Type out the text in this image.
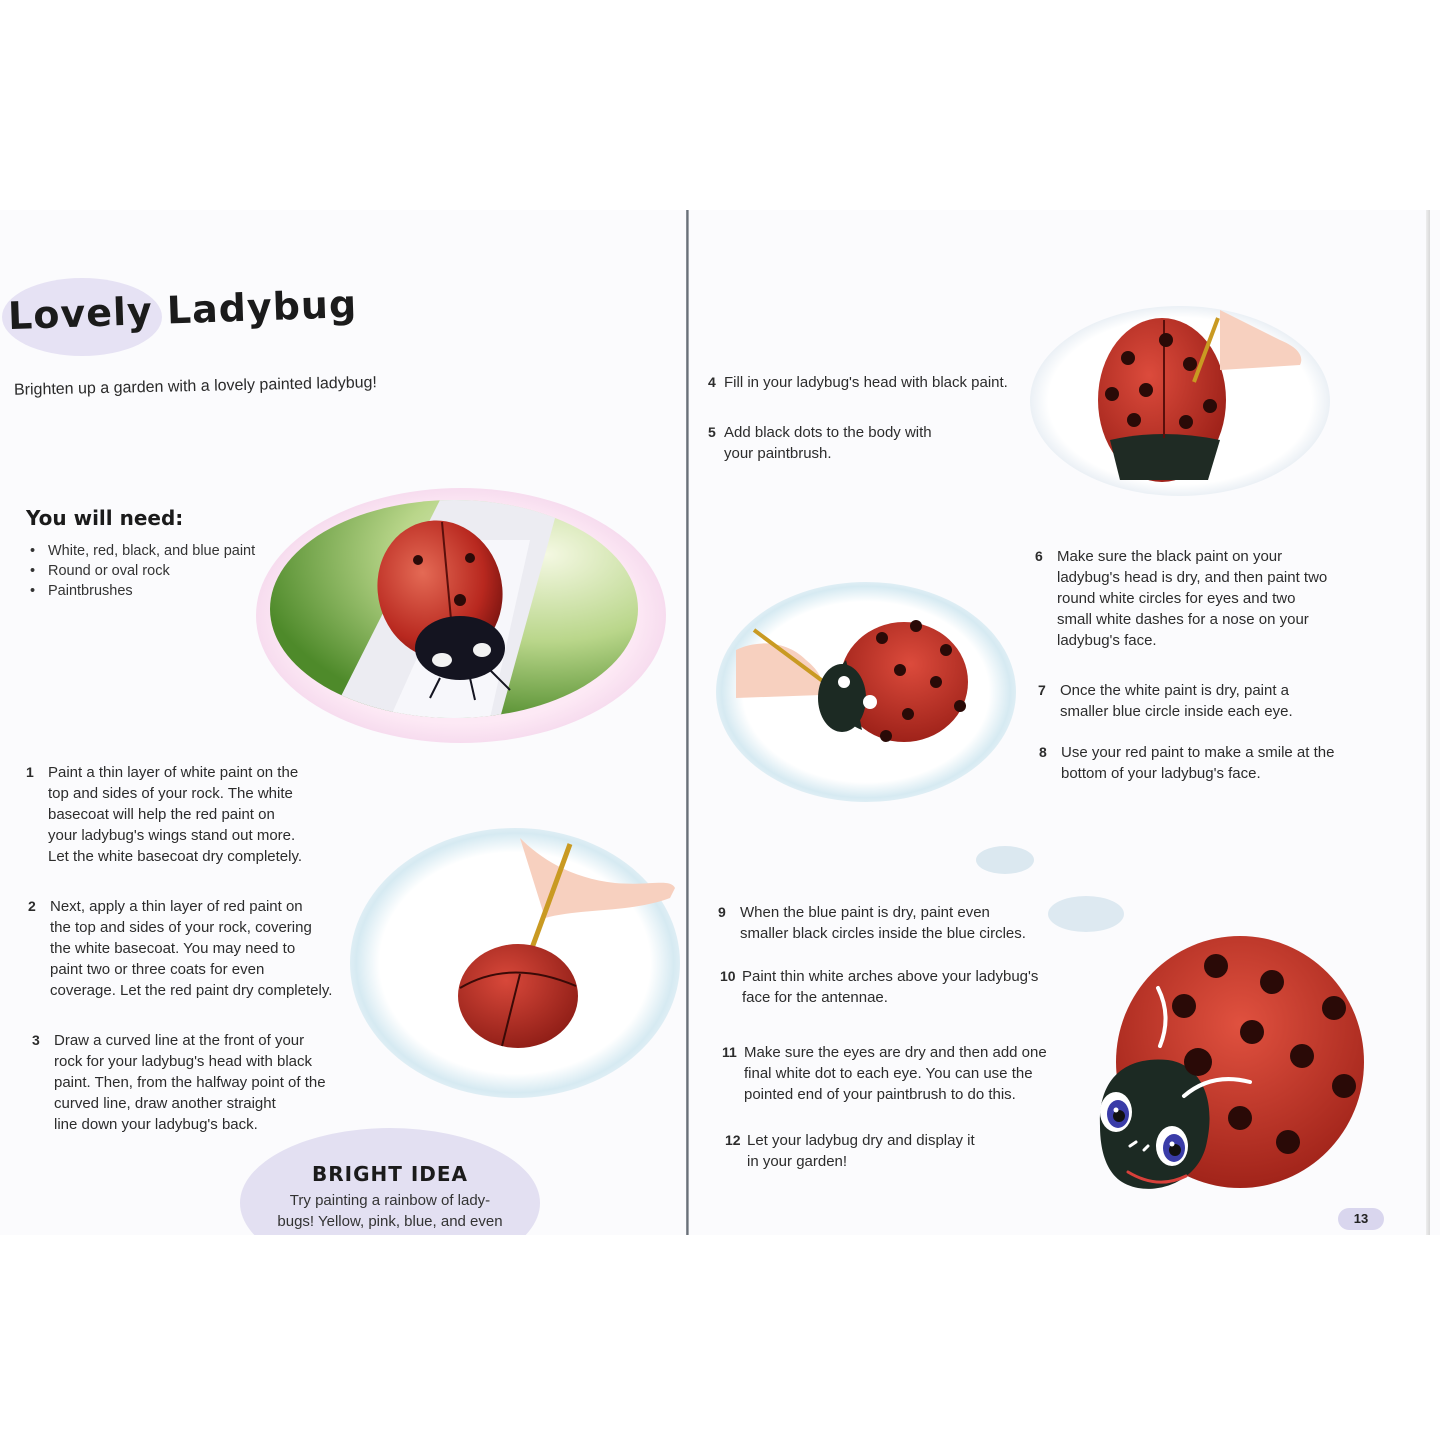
Lovely Ladybug
Brighten up a garden with a lovely painted ladybug!
You will need:
• White, red, black, and blue paint
• Round or oval rock
• Paintbrushes
1 Paint a thin layer of white paint on the
top and sides of your rock. The white
basecoat will help the red paint on
your ladybug's wings stand out more.
Let the white basecoat dry completely.
2 Next, apply a thin layer of red paint on
the top and sides of your rock, covering
the white basecoat. You may need to
paint two or three coats for even
coverage. Let the red paint dry completely.
3 Draw a curved line at the front of your
rock for your ladybug's head with black
paint. Then, from the halfway point of the
curved line, draw another straight
line down your ladybug's back.
BRIGHT IDEA
Try painting a rainbow of lady-
bugs! Yellow, pink, blue, and even
4 Fill in your ladybug's head with black paint.
5 Add black dots to the body with
your paintbrush.
6 Make sure the black paint on your
ladybug's head is dry, and then paint two
round white circles for eyes and two
small white dashes for a nose on your
ladybug's face.
7 Once the white paint is dry, paint a
smaller blue circle inside each eye.
8 Use your red paint to make a smile at the
bottom of your ladybug's face.
9 When the blue paint is dry, paint even
smaller black circles inside the blue circles.
10 Paint thin white arches above your ladybug's
face for the antennae.
11 Make sure the eyes are dry and then add one
final white dot to each eye. You can use the
pointed end of your paintbrush to do this.
12 Let your ladybug dry and display it
in your garden!
13
